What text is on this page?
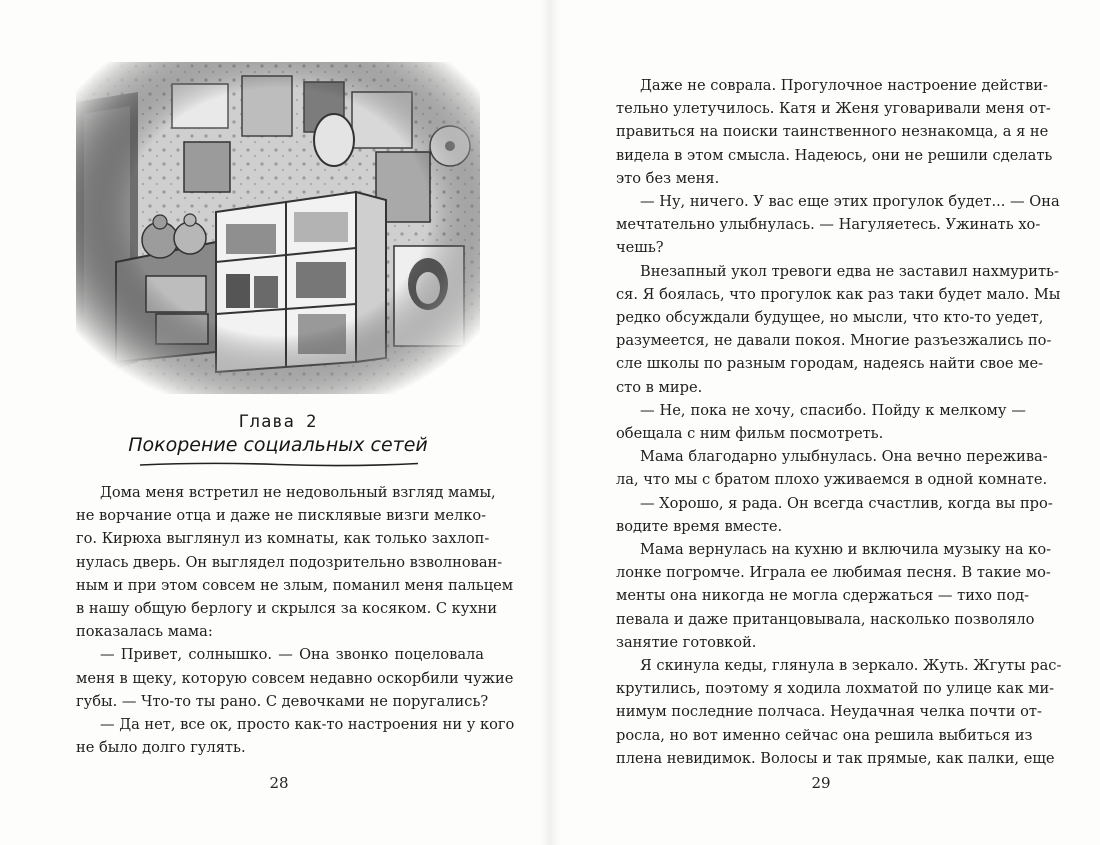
Глава 2
Покорение социальных сетей
Дома меня встретил не недовольный взгляд мамы,
не ворчание отца и даже не писклявые визги мелко-
го. Кирюха выглянул из комнаты, как только захлоп-
нулась дверь. Он выглядел подозрительно взволнован-
ным и при этом совсем не злым, поманил меня пальцем
в нашу общую берлогу и скрылся за косяком. С кухни
показалась мама:
— Привет, солнышко. — Она звонко поцеловала
меня в щеку, которую совсем недавно оскорбили чужие
губы. — Что-то ты рано. С девочками не поругались?
— Да нет, все ок, просто как-то настроения ни у кого
не было долго гулять.
28
Даже не соврала. Прогулочное настроение действи-
тельно улетучилось. Катя и Женя уговаривали меня от-
правиться на поиски таинственного незнакомца, а я не
видела в этом смысла. Надеюсь, они не решили сделать
это без меня.
— Ну, ничего. У вас еще этих прогулок будет... — Она
мечтательно улыбнулась. — Нагуляетесь. Ужинать хо-
чешь?
Внезапный укол тревоги едва не заставил нахмурить-
ся. Я боялась, что прогулок как раз таки будет мало. Мы
редко обсуждали будущее, но мысли, что кто-то уедет,
разумеется, не давали покоя. Многие разъезжались по-
сле школы по разным городам, надеясь найти свое ме-
сто в мире.
— Не, пока не хочу, спасибо. Пойду к мелкому —
обещала с ним фильм посмотреть.
Мама благодарно улыбнулась. Она вечно пережива-
ла, что мы с братом плохо уживаемся в одной комнате.
— Хорошо, я рада. Он всегда счастлив, когда вы про-
водите время вместе.
Мама вернулась на кухню и включила музыку на ко-
лонке погромче. Играла ее любимая песня. В такие мо-
менты она никогда не могла сдержаться — тихо под-
певала и даже пританцовывала, насколько позволяло
занятие готовкой.
Я скинула кеды, глянула в зеркало. Жуть. Жгуты рас-
крутились, поэтому я ходила лохматой по улице как ми-
нимум последние полчаса. Неудачная челка почти от-
росла, но вот именно сейчас она решила выбиться из
плена невидимок. Волосы и так прямые, как палки, еще
29
